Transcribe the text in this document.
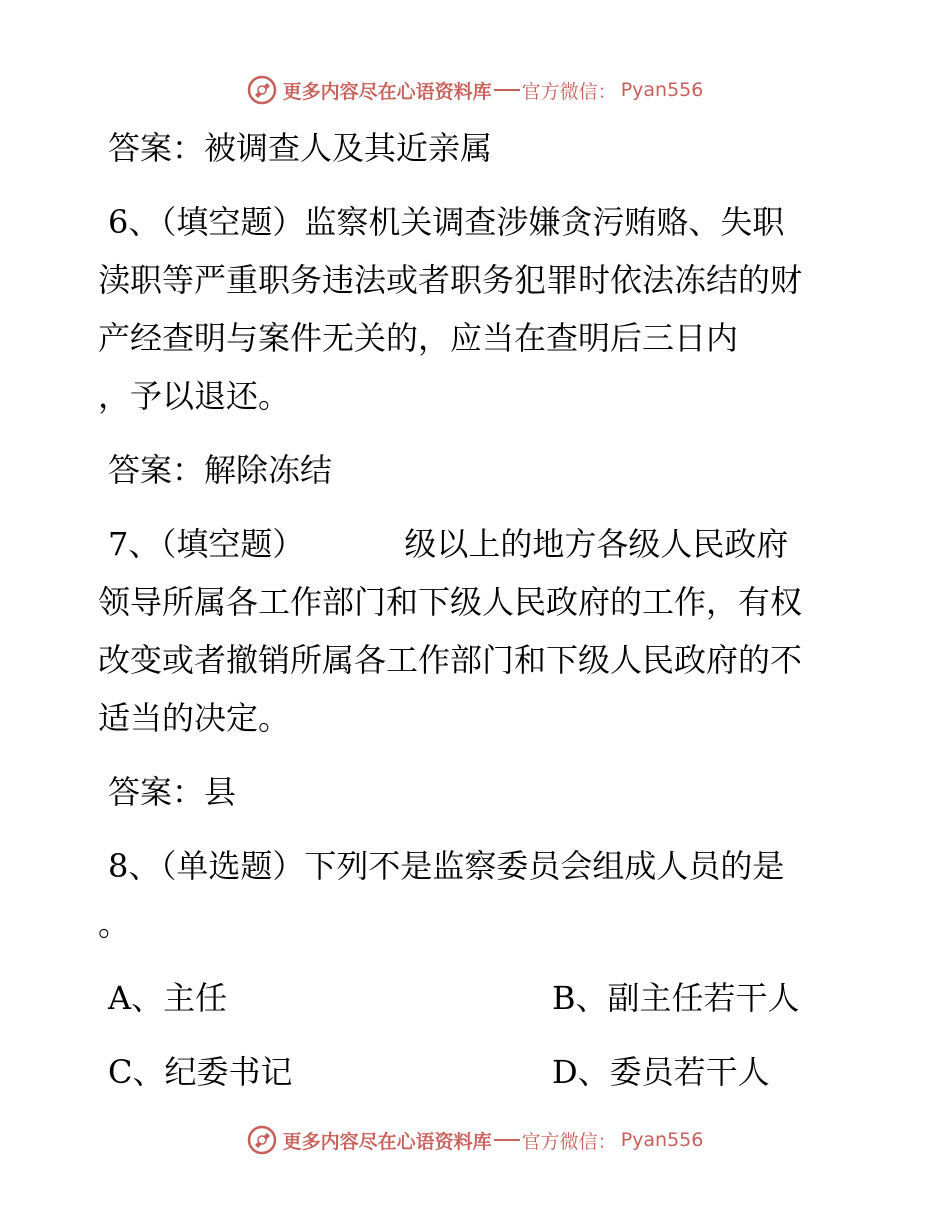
更多内容尽在心语资料库 官方微信： Pyan556
答案：被调查人及其近亲属
6、（填空题）监察机关调查涉嫌贪污贿赂、失职
渎职等严重职务违法或者职务犯罪时依法冻结的财
产经查明与案件无关的，应当在查明后三日内
，予以退还。
答案：解除冻结
7、（填空题）	级以上的地方各级人民政府
领导所属各工作部门和下级人民政府的工作，有权
改变或者撤销所属各工作部门和下级人民政府的不
适当的决定。
答案：县
8、（单选题）下列不是监察委员会组成人员的是
。
A、主任	B、副主任若干人
C、纪委书记	D、委员若干人
更多内容尽在心语资料库 官方微信： Pyan556
